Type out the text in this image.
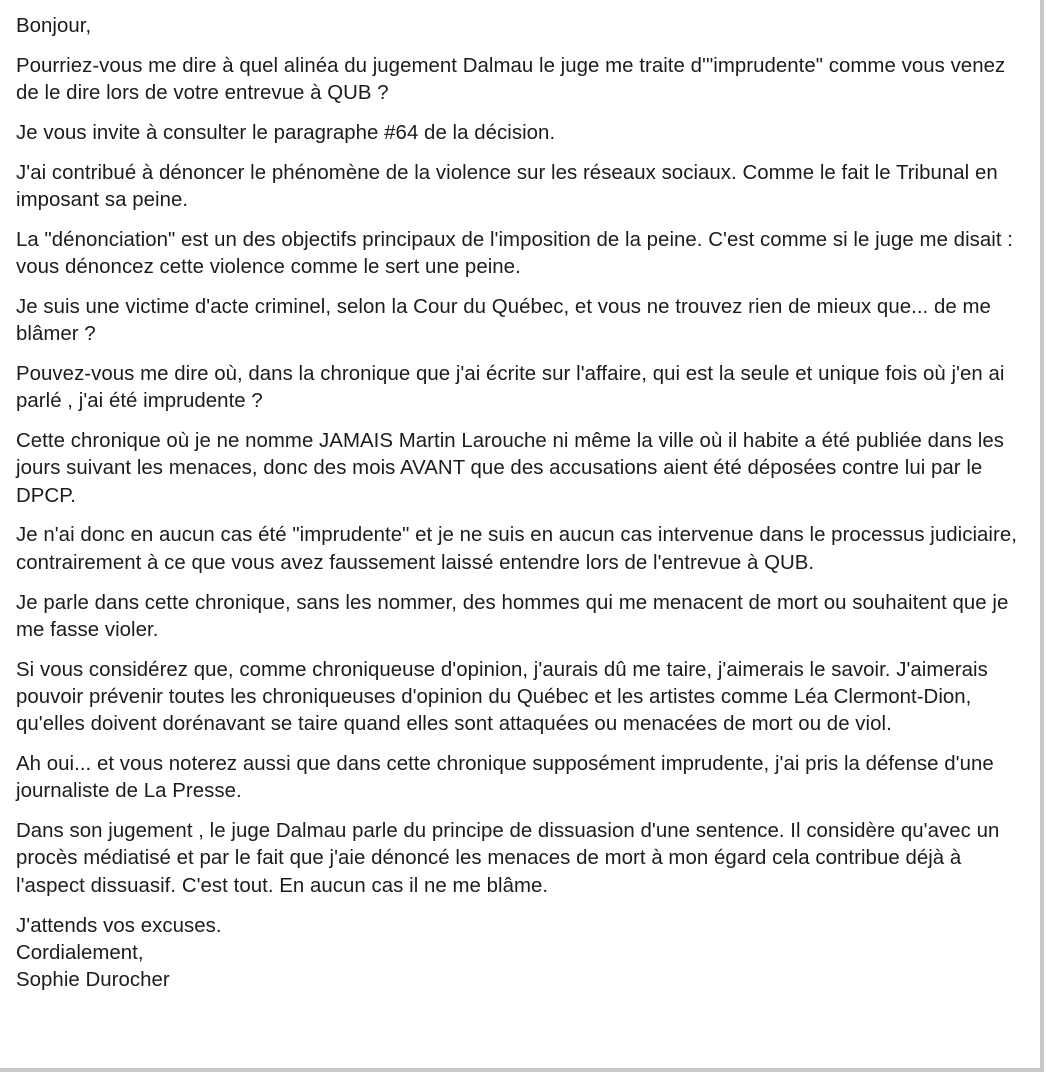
Bonjour,

Pourriez-vous me dire à quel alinéa du jugement Dalmau le juge me traite d'"imprudente" comme vous venez de le dire lors de votre entrevue à QUB ?

Je vous invite à consulter le paragraphe #64 de la décision.

J'ai contribué à dénoncer le phénomène de la violence sur les réseaux sociaux. Comme le fait le Tribunal en imposant sa peine.

La "dénonciation" est un des objectifs principaux de l'imposition de la peine. C'est comme si le juge me disait : vous dénoncez cette violence comme le sert une peine.

Je suis une victime d'acte criminel, selon la Cour du Québec, et vous ne trouvez rien de mieux que... de me blâmer ?

Pouvez-vous me dire où, dans la chronique que j'ai écrite sur l'affaire, qui est la seule et unique fois où j'en ai parlé , j'ai été imprudente ?

Cette chronique où je ne nomme JAMAIS Martin Larouche ni même la ville où il habite a été publiée dans les jours suivant les menaces, donc des mois AVANT que des accusations aient été déposées contre lui par le DPCP.

Je n'ai donc en aucun cas été "imprudente" et je ne suis en aucun cas intervenue dans le processus judiciaire, contrairement à ce que vous avez faussement laissé entendre lors de l'entrevue à QUB.

Je parle dans cette chronique, sans les nommer, des hommes qui me menacent de mort ou souhaitent que je me fasse violer.

Si vous considérez que, comme chroniqueuse d'opinion, j'aurais dû me taire, j'aimerais le savoir. J'aimerais pouvoir prévenir toutes les chroniqueuses d'opinion du Québec et les artistes comme Léa Clermont-Dion, qu'elles doivent dorénavant se taire quand elles sont attaquées ou menacées de mort ou de viol.

Ah oui... et vous noterez aussi que dans cette chronique supposément imprudente, j'ai pris la défense d'une journaliste de La Presse.

Dans son jugement , le juge Dalmau parle du principe de dissuasion d'une sentence. Il considère qu'avec un procès médiatisé et par le fait que j'aie dénoncé les menaces de mort à mon égard cela contribue déjà à l'aspect dissuasif. C'est tout. En aucun cas il ne me blâme.

J'attends vos excuses.
Cordialement,
Sophie Durocher
